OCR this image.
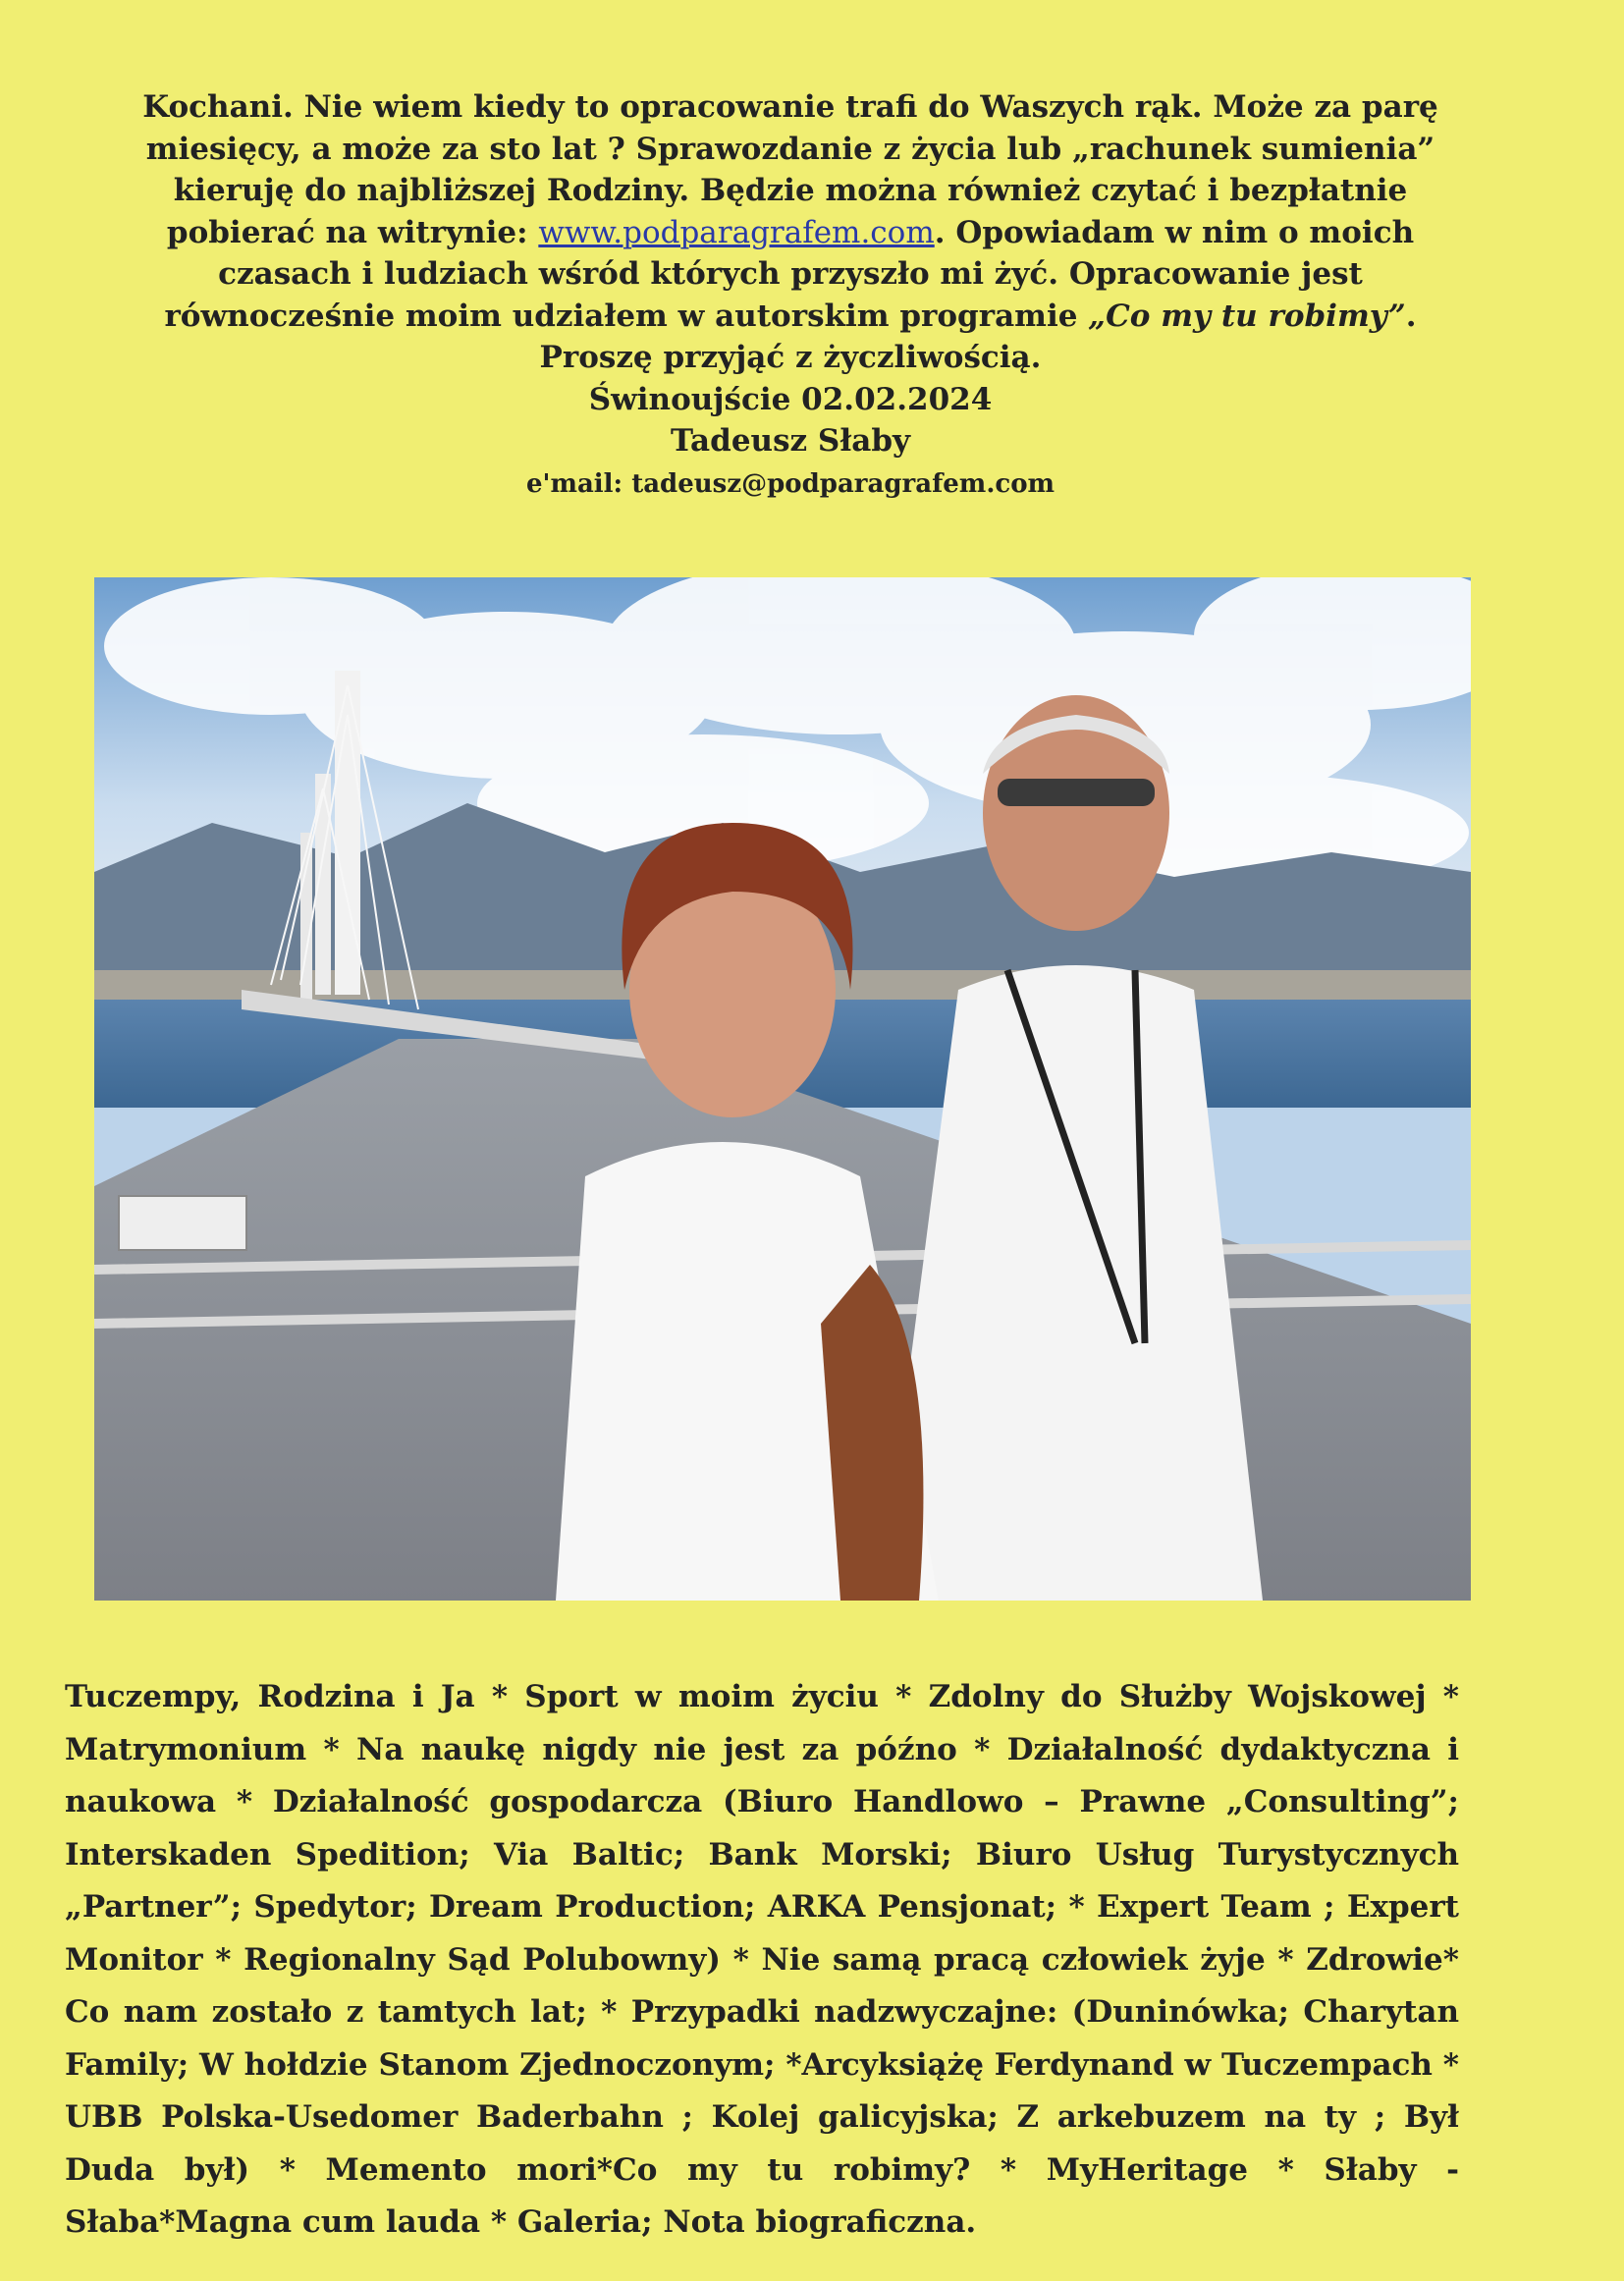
Kochani. Nie wiem kiedy to opracowanie trafi do Waszych rąk. Może za parę miesięcy, a może za sto lat ? Sprawozdanie z życia lub „rachunek sumienia” kieruję do najbliższej Rodziny. Będzie można również czytać i bezpłatnie pobierać na witrynie: www.podparagrafem.com. Opowiadam w nim o moich czasach i ludziach wśród których przyszło mi żyć. Opracowanie jest równocześnie moim udziałem w autorskim programie „Co my tu robimy”.

Proszę przyjąć z życzliwością.

Świnoujście 02.02.2024

Tadeusz Słaby

e'mail: tadeusz@podparagrafem.com

Tuczempy, Rodzina i Ja * Sport w moim życiu * Zdolny do Służby Wojskowej * Matrymonium * Na naukę nigdy nie jest za późno * Działalność dydaktyczna i naukowa * Działalność gospodarcza (Biuro Handlowo – Prawne „Consulting”; Interskaden Spedition; Via Baltic; Bank Morski; Biuro Usług Turystycznych „Partner”; Spedytor; Dream Production; ARKA Pensjonat; * Expert Team ; Expert Monitor * Regionalny Sąd Polubowny) * Nie samą pracą człowiek żyje * Zdrowie* Co nam zostało z tamtych lat; * Przypadki nadzwyczajne: (Duninówka; Charytan Family; W hołdzie Stanom Zjednoczonym; *Arcyksiążę Ferdynand w Tuczempach * UBB Polska-Usedomer Baderbahn ; Kolej galicyjska; Z arkebuzem na ty ; Był Duda był) * Memento mori*Co my tu robimy? * MyHeritage * Słaby - Słaba*Magna cum lauda * Galeria; Nota biograficzna.
